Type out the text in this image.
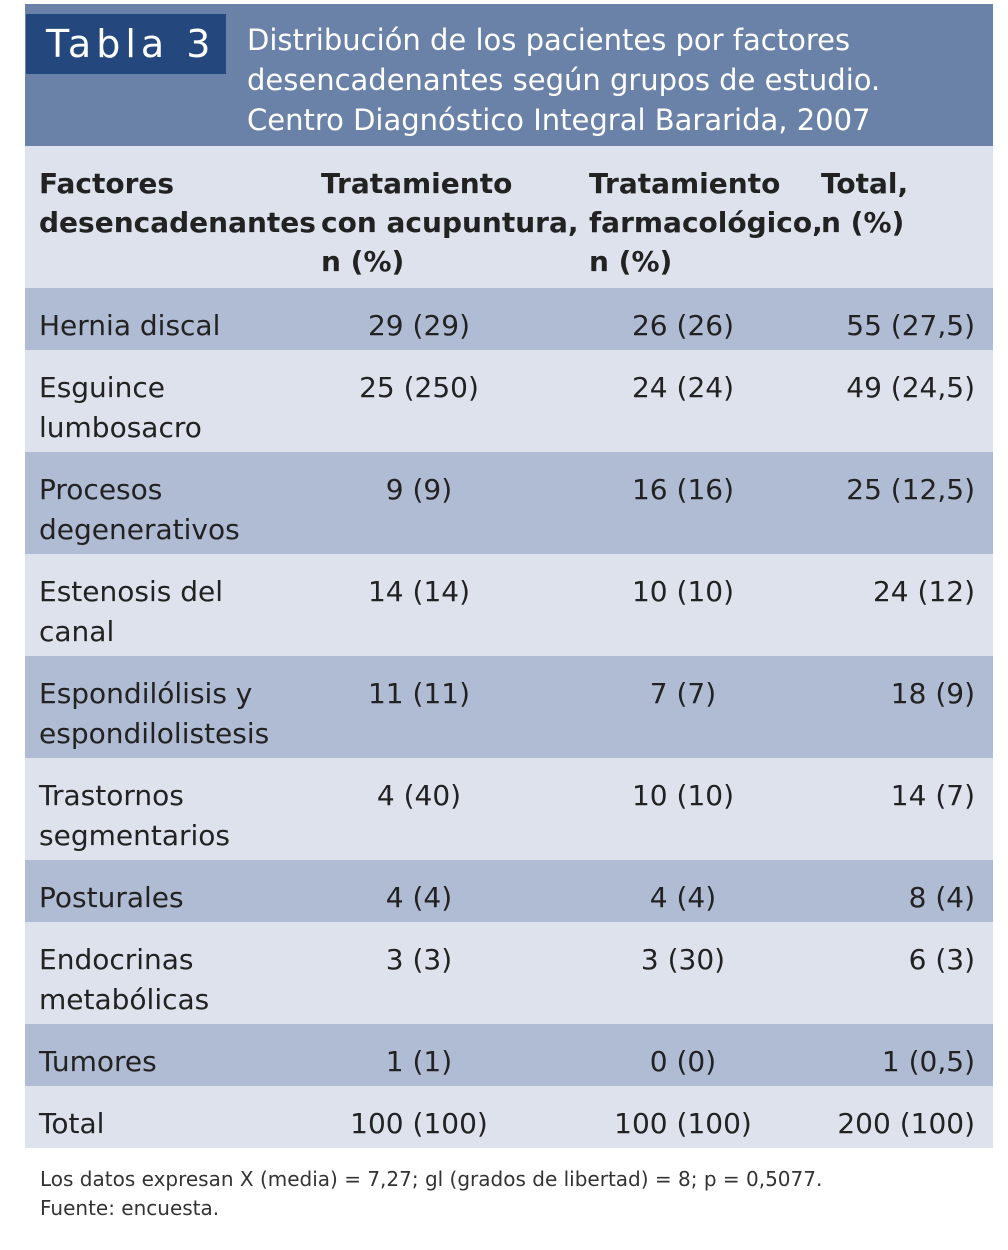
Tabla 3	Distribución de los pacientes por factores
desencadenantes según grupos de estudio.
Centro Diagnóstico Integral Bararida, 2007
Factores
desencadenantes	Tratamiento
con acupuntura,
n (%)	Tratamiento
farmacológico,
n (%)	Total,
n (%)

Hernia discal	29 (29)	26 (26)	55 (27,5)

Esguince
lumbosacro	25 (250)	24 (24)	49 (24,5)

Procesos
degenerativos	9 (9)	16 (16)	25 (12,5)

Estenosis del
canal	14 (14)	10 (10)	24 (12)

Espondilólisis y
espondilolistesis	11 (11)	7 (7)	18 (9)

Trastornos
segmentarios	4 (40)	10 (10)	14 (7)

Posturales	4 (4)	4 (4)	8 (4)

Endocrinas
metabólicas	3 (3)	3 (30)	6 (3)

Tumores	1 (1)	0 (0)	1 (0,5)

Total	100 (100)	100 (100)	200 (100)

Los datos expresan X (media) = 7,27; gl (grados de libertad) = 8; p = 0,5077.
Fuente: encuesta.
